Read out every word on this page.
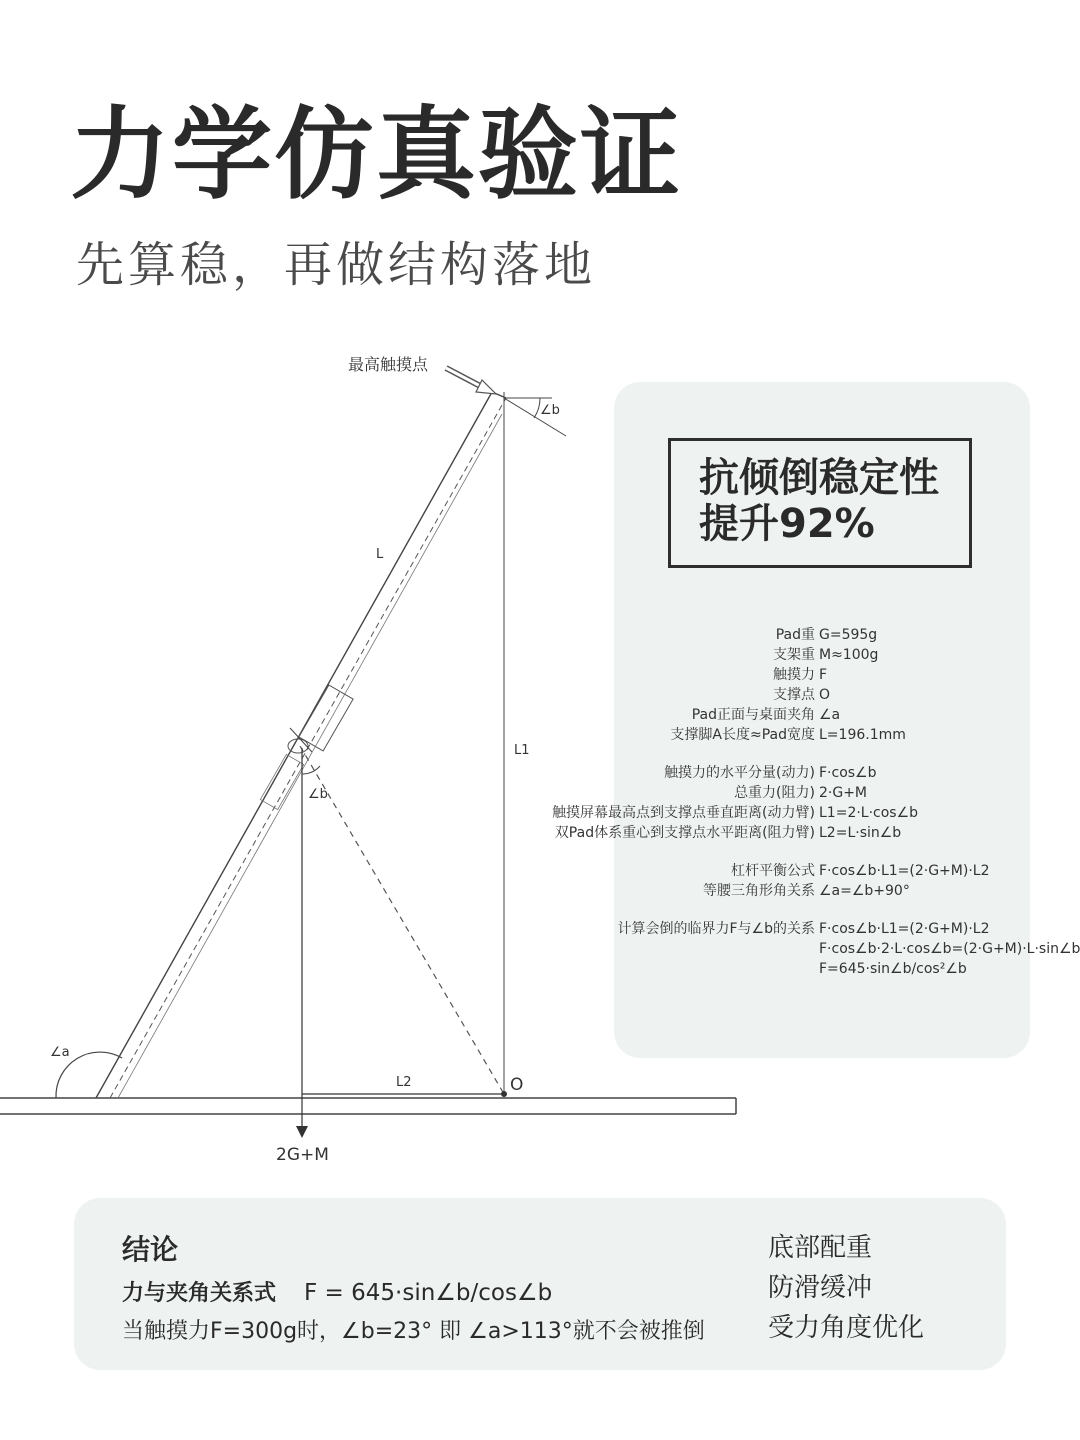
力学仿真验证
先算稳，再做结构落地
∠b
最高触摸点
∠b
∠a
L
L1
L2	O
2G+M
抗倾倒稳定性
提升92%
Pad重 G=595g
支架重 M≈100g
触摸力 F
支撑点 O
Pad正面与桌面夹角 ∠a
支撑脚A长度≈Pad宽度 L=196.1mm
触摸力的水平分量(动力) F·cos∠b
总重力(阻力) 2·G+M
触摸屏幕最高点到支撑点垂直距离(动力臂) L1=2·L·cos∠b
双Pad体系重心到支撑点水平距离(阻力臂) L2=L·sin∠b
杠杆平衡公式 F·cos∠b·L1=(2·G+M)·L2
等腰三角形角关系 ∠a=∠b+90°
计算会倒的临界力F与∠b的关系 F·cos∠b·L1=(2·G+M)·L2
F·cos∠b·2·L·cos∠b=(2·G+M)·L·sin∠b
F=645·sin∠b/cos²∠b
结论
力与夹角关系式 F = 645·sin∠b/cos∠b
当触摸力F=300g时，∠b=23° 即 ∠a>113°就不会被推倒
底部配重
防滑缓冲
受力角度优化
